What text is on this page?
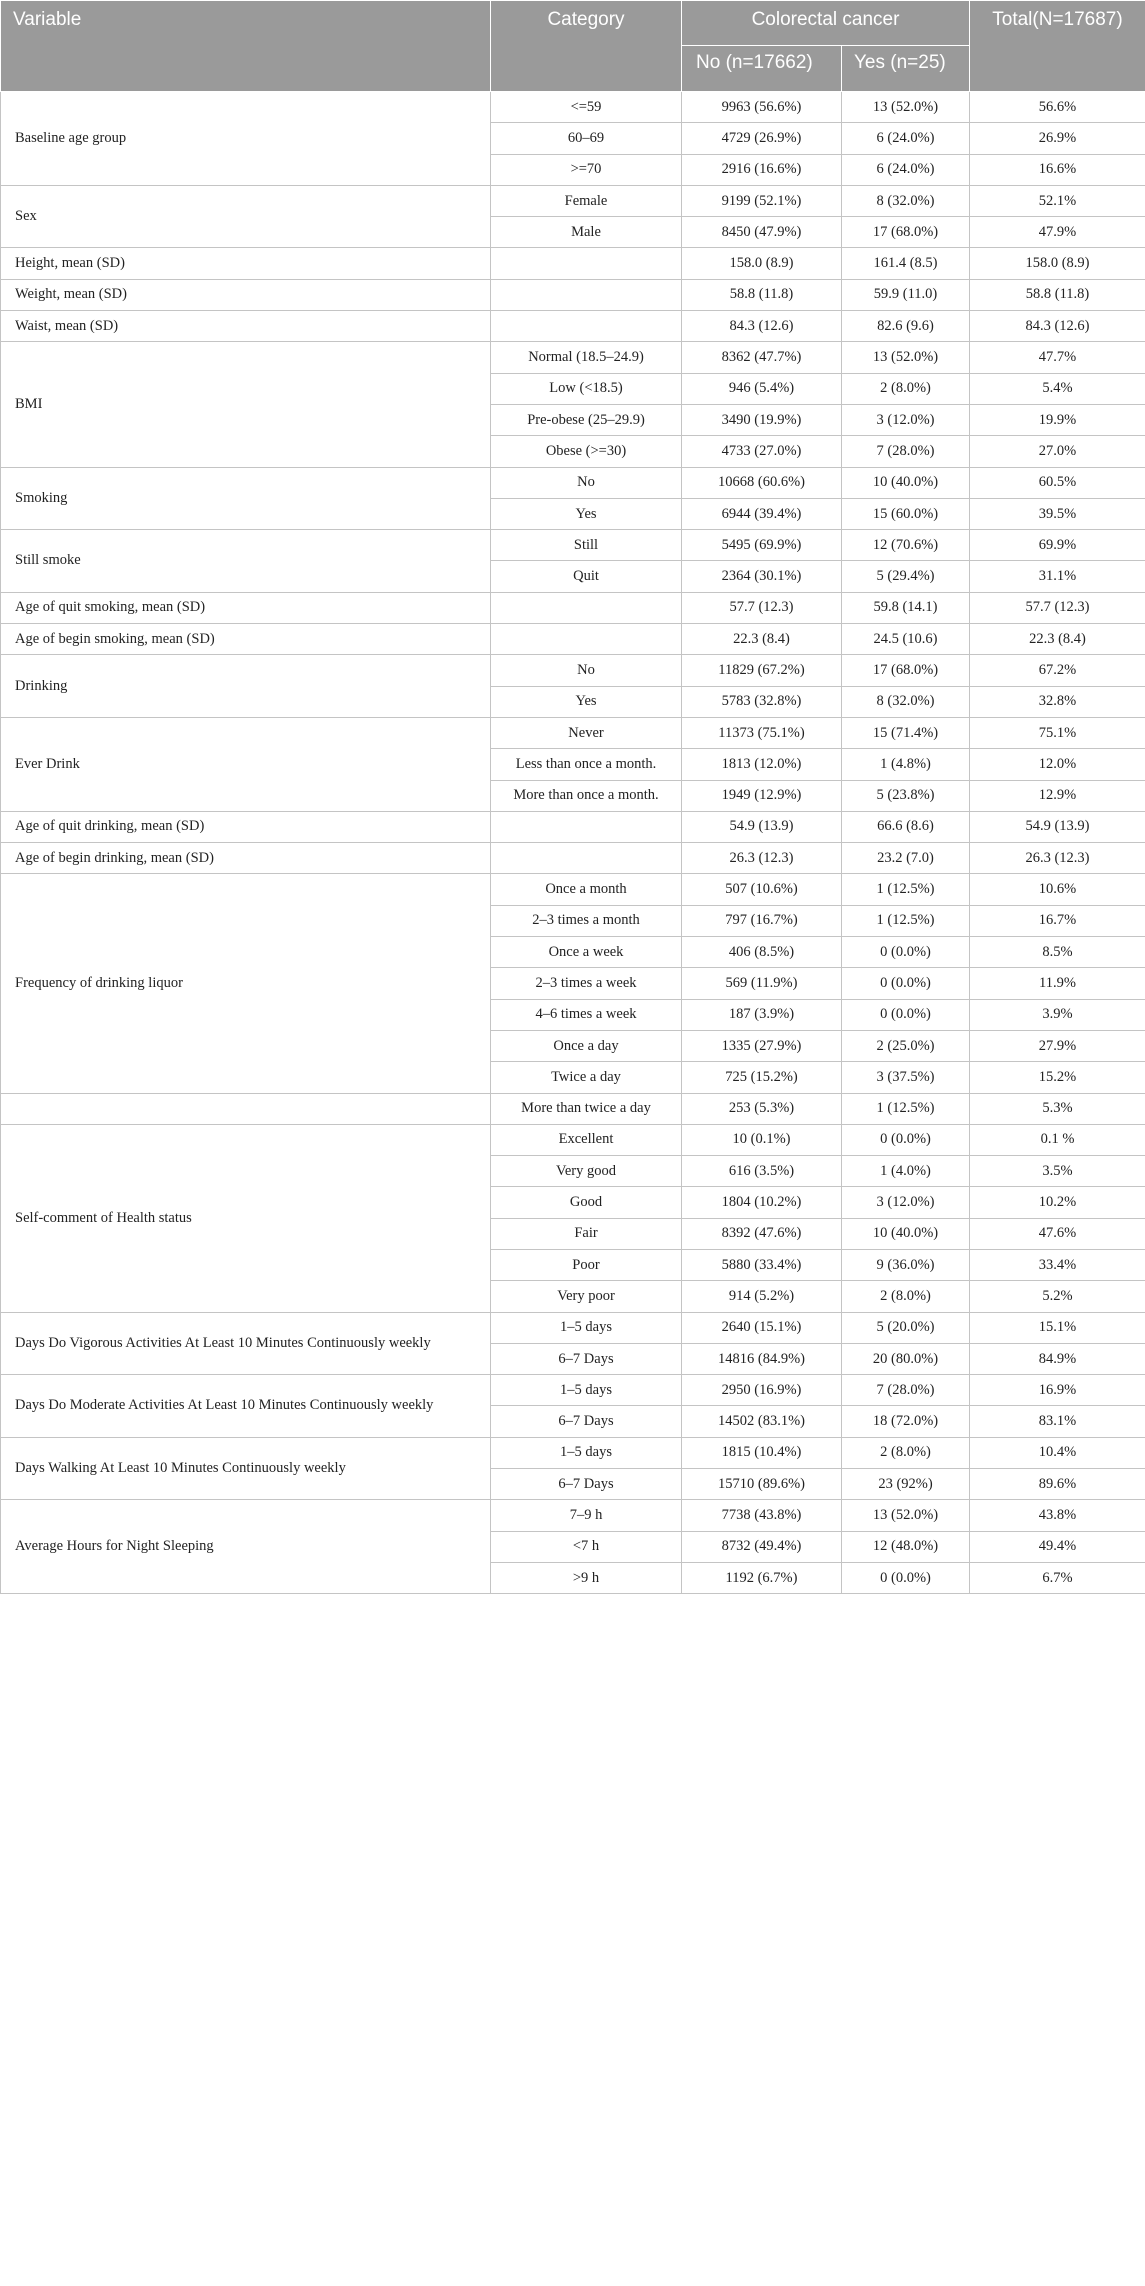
Variable	Category	Colorectal cancer		Total(N=17687)
		No (n=17662)	Yes (n=25)	
Baseline age group	<=59	9963 (56.6%)	13 (52.0%)	56.6%
	60–69	4729 (26.9%)	6 (24.0%)	26.9%
	>=70	2916 (16.6%)	6 (24.0%)	16.6%
Sex	Female	9199 (52.1%)	8 (32.0%)	52.1%
	Male	8450 (47.9%)	17 (68.0%)	47.9%
Height, mean (SD)		158.0 (8.9)	161.4 (8.5)	158.0 (8.9)
Weight, mean (SD)		58.8 (11.8)	59.9 (11.0)	58.8 (11.8)
Waist, mean (SD)		84.3 (12.6)	82.6 (9.6)	84.3 (12.6)
BMI	Normal (18.5–24.9)	8362 (47.7%)	13 (52.0%)	47.7%
	Low (<18.5)	946 (5.4%)	2 (8.0%)	5.4%
	Pre-obese (25–29.9)	3490 (19.9%)	3 (12.0%)	19.9%
	Obese (>=30)	4733 (27.0%)	7 (28.0%)	27.0%
Smoking	No	10668 (60.6%)	10 (40.0%)	60.5%
	Yes	6944 (39.4%)	15 (60.0%)	39.5%
Still smoke	Still	5495 (69.9%)	12 (70.6%)	69.9%
	Quit	2364 (30.1%)	5 (29.4%)	31.1%
Age of quit smoking, mean (SD)		57.7 (12.3)	59.8 (14.1)	57.7 (12.3)
Age of begin smoking, mean (SD)		22.3 (8.4)	24.5 (10.6)	22.3 (8.4)
Drinking	No	11829 (67.2%)	17 (68.0%)	67.2%
	Yes	5783 (32.8%)	8 (32.0%)	32.8%
Ever Drink	Never	11373 (75.1%)	15 (71.4%)	75.1%
	Less than once a month.	1813 (12.0%)	1 (4.8%)	12.0%
	More than once a month.	1949 (12.9%)	5 (23.8%)	12.9%
Age of quit drinking, mean (SD)		54.9 (13.9)	66.6 (8.6)	54.9 (13.9)
Age of begin drinking, mean (SD)		26.3 (12.3)	23.2 (7.0)	26.3 (12.3)
Frequency of drinking liquor	Once a month	507 (10.6%)	1 (12.5%)	10.6%
	2–3 times a month	797 (16.7%)	1 (12.5%)	16.7%
	Once a week	406 (8.5%)	0 (0.0%)	8.5%
	2–3 times a week	569 (11.9%)	0 (0.0%)	11.9%
	4–6 times a week	187 (3.9%)	0 (0.0%)	3.9%
	Once a day	1335 (27.9%)	2 (25.0%)	27.9%
	Twice a day	725 (15.2%)	3 (37.5%)	15.2%
	More than twice a day	253 (5.3%)	1 (12.5%)	5.3%
Self-comment of Health status	Excellent	10 (0.1%)	0 (0.0%)	0.1 %
	Very good	616 (3.5%)	1 (4.0%)	3.5%
	Good	1804 (10.2%)	3 (12.0%)	10.2%
	Fair	8392 (47.6%)	10 (40.0%)	47.6%
	Poor	5880 (33.4%)	9 (36.0%)	33.4%
	Very poor	914 (5.2%)	2 (8.0%)	5.2%
Days Do Vigorous Activities At Least 10 Minutes Continuously weekly	1–5 days	2640 (15.1%)	5 (20.0%)	15.1%
	6–7 Days	14816 (84.9%)	20 (80.0%)	84.9%
Days Do Moderate Activities At Least 10 Minutes Continuously weekly	1–5 days	2950 (16.9%)	7 (28.0%)	16.9%
	6–7 Days	14502 (83.1%)	18 (72.0%)	83.1%
Days Walking At Least 10 Minutes Continuously weekly	1–5 days	1815 (10.4%)	2 (8.0%)	10.4%
	6–7 Days	15710 (89.6%)	23 (92%)	89.6%
Average Hours for Night Sleeping	7–9 h	7738 (43.8%)	13 (52.0%)	43.8%
	<7 h	8732 (49.4%)	12 (48.0%)	49.4%
	>9 h	1192 (6.7%)	0 (0.0%)	6.7%
